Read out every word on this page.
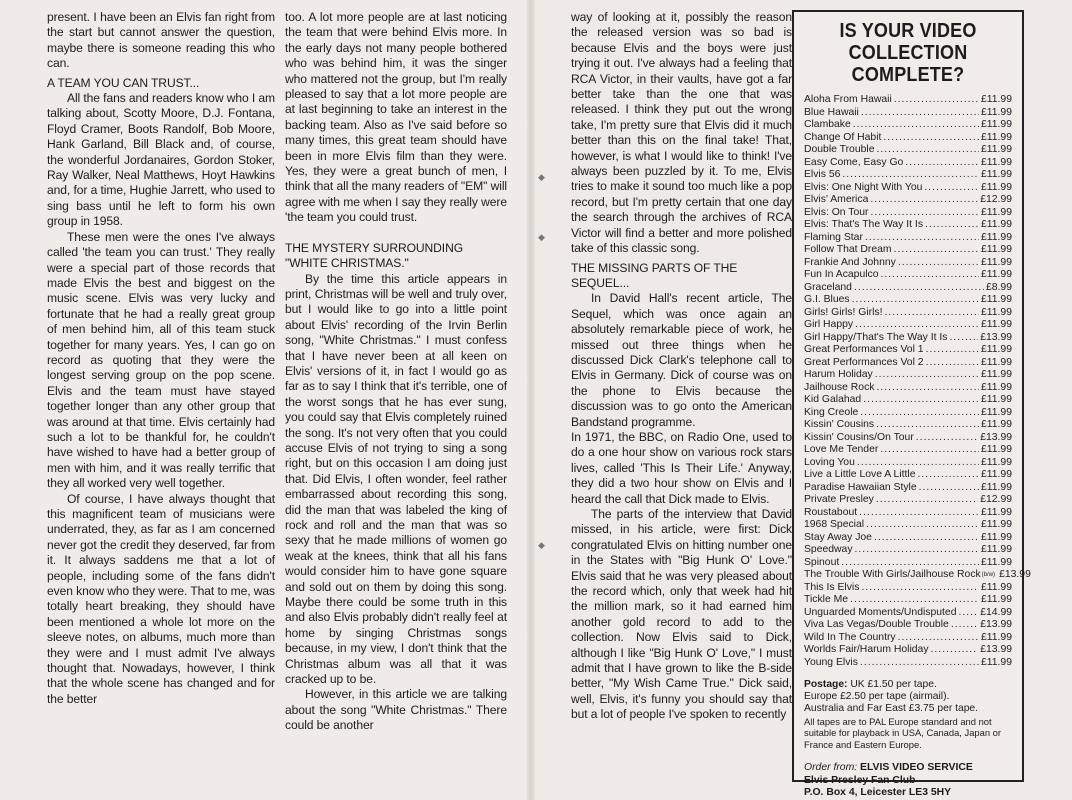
present. I have been an Elvis fan right from the start but cannot answer the question, maybe there is someone reading this who can.

A TEAM YOU CAN TRUST...

All the fans and readers know who I am talking about, Scotty Moore, D.J. Fontana, Floyd Cramer, Boots Randolf, Bob Moore, Hank Garland, Bill Black and, of course, the wonderful Jordanaires, Gordon Stoker, Ray Walker, Neal Matthews, Hoyt Hawkins and, for a time, Hughie Jarrett, who used to sing bass until he left to form his own group in 1958.

These men were the ones I've always called 'the team you can trust.' They really were a special part of those records that made Elvis the best and biggest on the music scene. Elvis was very lucky and fortunate that he had a really great group of men behind him, all of this team stuck together for many years. Yes, I can go on record as quoting that they were the longest serving group on the pop scene. Elvis and the team must have stayed together longer than any other group that was around at that time. Elvis certainly had such a lot to be thankful for, he couldn't have wished to have had a better group of men with him, and it was really terrific that they all worked very well together.

Of course, I have always thought that this magnificent team of musicians were underrated, they, as far as I am concerned never got the credit they deserved, far from it. It always saddens me that a lot of people, including some of the fans didn't even know who they were. That to me, was totally heart breaking, they should have been mentioned a whole lot more on the sleeve notes, on albums, much more than they were and I must admit I've always thought that. Nowadays, however, I think that the whole scene has changed and for the better

too. A lot more people are at last noticing the team that were behind Elvis more. In the early days not many people bothered who was behind him, it was the singer who mattered not the group, but I'm really pleased to say that a lot more people are at last beginning to take an interest in the backing team. Also as I've said before so many times, this great team should have been in more Elvis film than they were. Yes, they were a great bunch of men, I think that all the many readers of "EM" will agree with me when I say they really were 'the team you could trust.

THE MYSTERY SURROUNDING "WHITE CHRISTMAS."

By the time this article appears in print, Christmas will be well and truly over, but I would like to go into a little point about Elvis' recording of the Irvin Berlin song, "White Christmas." I must confess that I have never been at all keen on Elvis' versions of it, in fact I would go as far as to say I think that it's terrible, one of the worst songs that he has ever sung, you could say that Elvis completely ruined the song. It's not very often that you could accuse Elvis of not trying to sing a song right, but on this occasion I am doing just that. Did Elvis, I often wonder, feel rather embarrassed about recording this song, did the man that was labeled the king of rock and roll and the man that was so sexy that he made millions of women go weak at the knees, think that all his fans would consider him to have gone square and sold out on them by doing this song. Maybe there could be some truth in this and also Elvis probably didn't really feel at home by singing Christmas songs because, in my view, I don't think that the Christmas album was all that it was cracked up to be.

However, in this article we are talking about the song "White Christmas." There could be another

◆
◆
◆

way of looking at it, possibly the reason the released version was so bad is because Elvis and the boys were just trying it out. I've always had a feeling that RCA Victor, in their vaults, have got a far better take than the one that was released. I think they put out the wrong take, I'm pretty sure that Elvis did it much better than this on the final take! That, however, is what I would like to think! I've always been puzzled by it. To me, Elvis tries to make it sound too much like a pop record, but I'm pretty certain that one day the search through the archives of RCA Victor will find a better and more polished take of this classic song.

THE MISSING PARTS OF THE SEQUEL...

In David Hall's recent article, The Sequel, which was once again an absolutely remarkable piece of work, he missed out three things when he discussed Dick Clark's telephone call to Elvis in Germany. Dick of course was on the phone to Elvis because the discussion was to go onto the American Bandstand programme.

In 1971, the BBC, on Radio One, used to do a one hour show on various rock stars lives, called 'This Is Their Life.' Anyway, they did a two hour show on Elvis and I heard the call that Dick made to Elvis.

The parts of the interview that David missed, in his article, were first: Dick congratulated Elvis on hitting number one in the States with "Big Hunk O' Love." Elvis said that he was very pleased about the record which, only that week had hit the million mark, so it had earned him another gold record to add to the collection. Now Elvis said to Dick, although I like "Big Hunk O' Love," I must admit that I have grown to like the B-side better, "My Wish Came True." Dick said, well, Elvis, it's funny you should say that but a lot of people I've spoken to recently

IS YOUR VIDEO COLLECTION COMPLETE?
Aloha From Hawaii .....	£11.99
Blue Hawaii .....	£11.99
Clambake .....	£11.99
Change Of Habit .....	£11.99
Double Trouble .....	£11.99
Easy Come, Easy Go .....	£11.99
Elvis 56 .....	£11.99
Elvis: One Night With You .....	£11.99
Elvis' America .....	£12.99
Elvis: On Tour .....	£11.99
Elvis: That's The Way It Is .....	£11.99
Flaming Star .....	£11.99
Follow That Dream .....	£11.99
Frankie And Johnny .....	£11.99
Fun In Acapulco .....	£11.99
Graceland .....	£8.99
G.I. Blues .....	£11.99
Girls! Girls! Girls! .....	£11.99
Girl Happy .....	£11.99
Girl Happy/That's The Way It Is .....	£13.99
Great Performances Vol 1 .....	£11.99
Great Performances Vol 2 .....	£11.99
Harum Holiday .....	£11.99
Jailhouse Rock .....	£11.99
Kid Galahad .....	£11.99
King Creole .....	£11.99
Kissin' Cousins .....	£11.99
Kissin' Cousins/On Tour .....	£13.99
Love Me Tender .....	£11.99
Loving You .....	£11.99
Live a Little Love A Little .....	£11.99
Paradise Hawaiian Style .....	£11.99
Private Presley .....	£12.99
Roustabout .....	£11.99
1968 Special .....	£11.99
Stay Away Joe .....	£11.99
Speedway .....	£11.99
Spinout .....	£11.99
The Trouble With Girls/Jailhouse Rock (b/w) £13.99
This Is Elvis .....	£11.99
Tickle Me .....	£11.99
Unguarded Moments/Undisputed ..... £14.99
Viva Las Vegas/Double Trouble .....	£13.99
Wild In The Country .....	£11.99
Worlds Fair/Harum Holiday .....	£13.99
Young Elvis .....	£11.99
Postage: UK £1.50 per tape.
Europe £2.50 per tape (airmail).
Australia and Far East £3.75 per tape.
All tapes are to PAL Europe standard and not suitable for playback in USA, Canada, Japan or France and Eastern Europe.
Order from: ELVIS VIDEO SERVICE
Elvis Presley Fan Club
P.O. Box 4, Leicester LE3 5HY
